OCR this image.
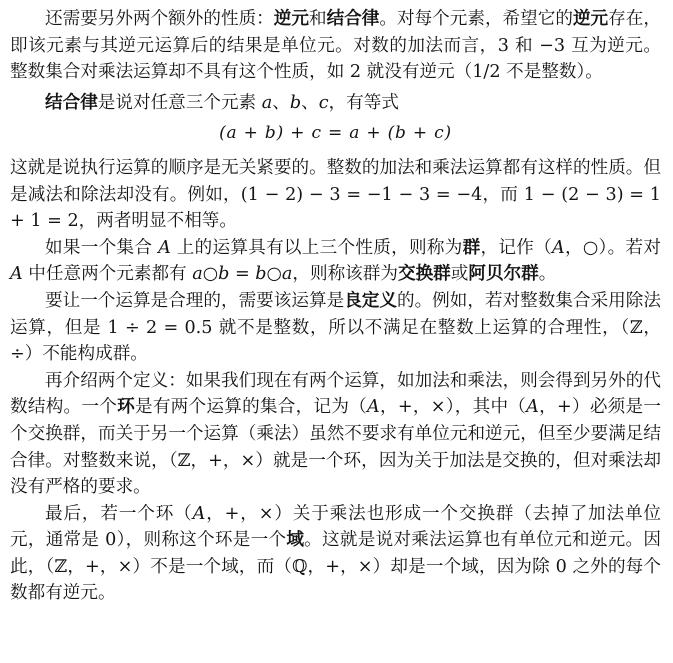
还需要另外两个额外的性质：逆元和结合律。对每个元素，希望它的逆元存在，即该元素与其逆元运算后的结果是单位元。对数的加法而言，3 和 −3 互为逆元。整数集合对乘法运算却不具有这个性质，如 2 就没有逆元（1/2 不是整数）。

结合律是说对任意三个元素 a、b、c，有等式

(a + b) + c = a + (b + c)

这就是说执行运算的顺序是无关紧要的。整数的加法和乘法运算都有这样的性质。但是减法和除法却没有。例如，(1 − 2) − 3 = −1 − 3 = −4，而 1 − (2 − 3) = 1 + 1 = 2，两者明显不相等。

如果一个集合 A 上的运算具有以上三个性质，则称为群，记作（A，○）。若对 A 中任意两个元素都有 a○b = b○a，则称该群为交换群或阿贝尔群。

要让一个运算是合理的，需要该运算是良定义的。例如，若对整数集合采用除法运算，但是 1 ÷ 2 = 0.5 就不是整数，所以不满足在整数上运算的合理性，（ℤ，÷）不能构成群。

再介绍两个定义：如果我们现在有两个运算，如加法和乘法，则会得到另外的代数结构。一个环是有两个运算的集合，记为（A，+，×），其中（A，+）必须是一个交换群，而关于另一个运算（乘法）虽然不要求有单位元和逆元，但至少要满足结合律。对整数来说，（ℤ，+，×）就是一个环，因为关于加法是交换的，但对乘法却没有严格的要求。

最后，若一个环（A，+，×）关于乘法也形成一个交换群（去掉了加法单位元，通常是 0），则称这个环是一个域。这就是说对乘法运算也有单位元和逆元。因此，（ℤ，+，×）不是一个域，而（ℚ，+，×）却是一个域，因为除 0 之外的每个数都有逆元。
